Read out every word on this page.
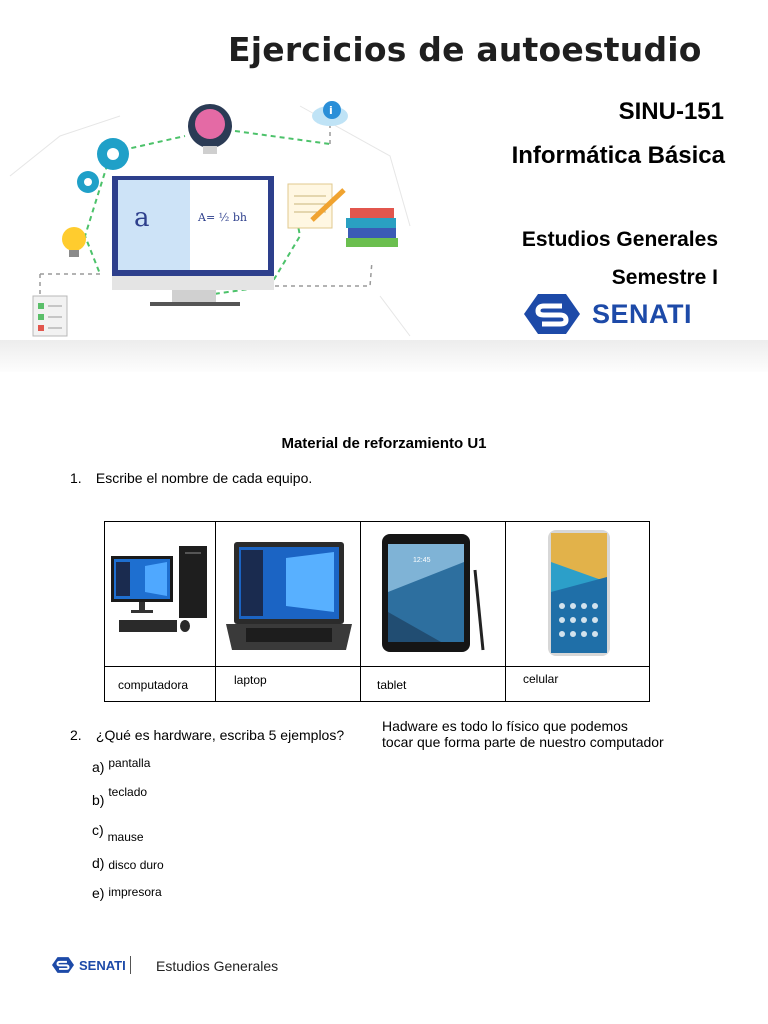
Ejercicios de autoestudio
i
a	A= ½ bh
SINU-151
Informática Básica
Estudios Generales
Semestre I
SENATI
Material de reforzamiento U1
1. Escribe el nombre de cada equipo.

12:45

computadora	laptop	tablet	celular
2. ¿Qué es hardware, escriba 5 ejemplos?
Hadware es todo lo físico que podemos
tocar que forma parte de nuestro computador
a) pantalla
b) teclado
c) mause
d) disco duro
e) impresora
SENATI Estudios Generales
